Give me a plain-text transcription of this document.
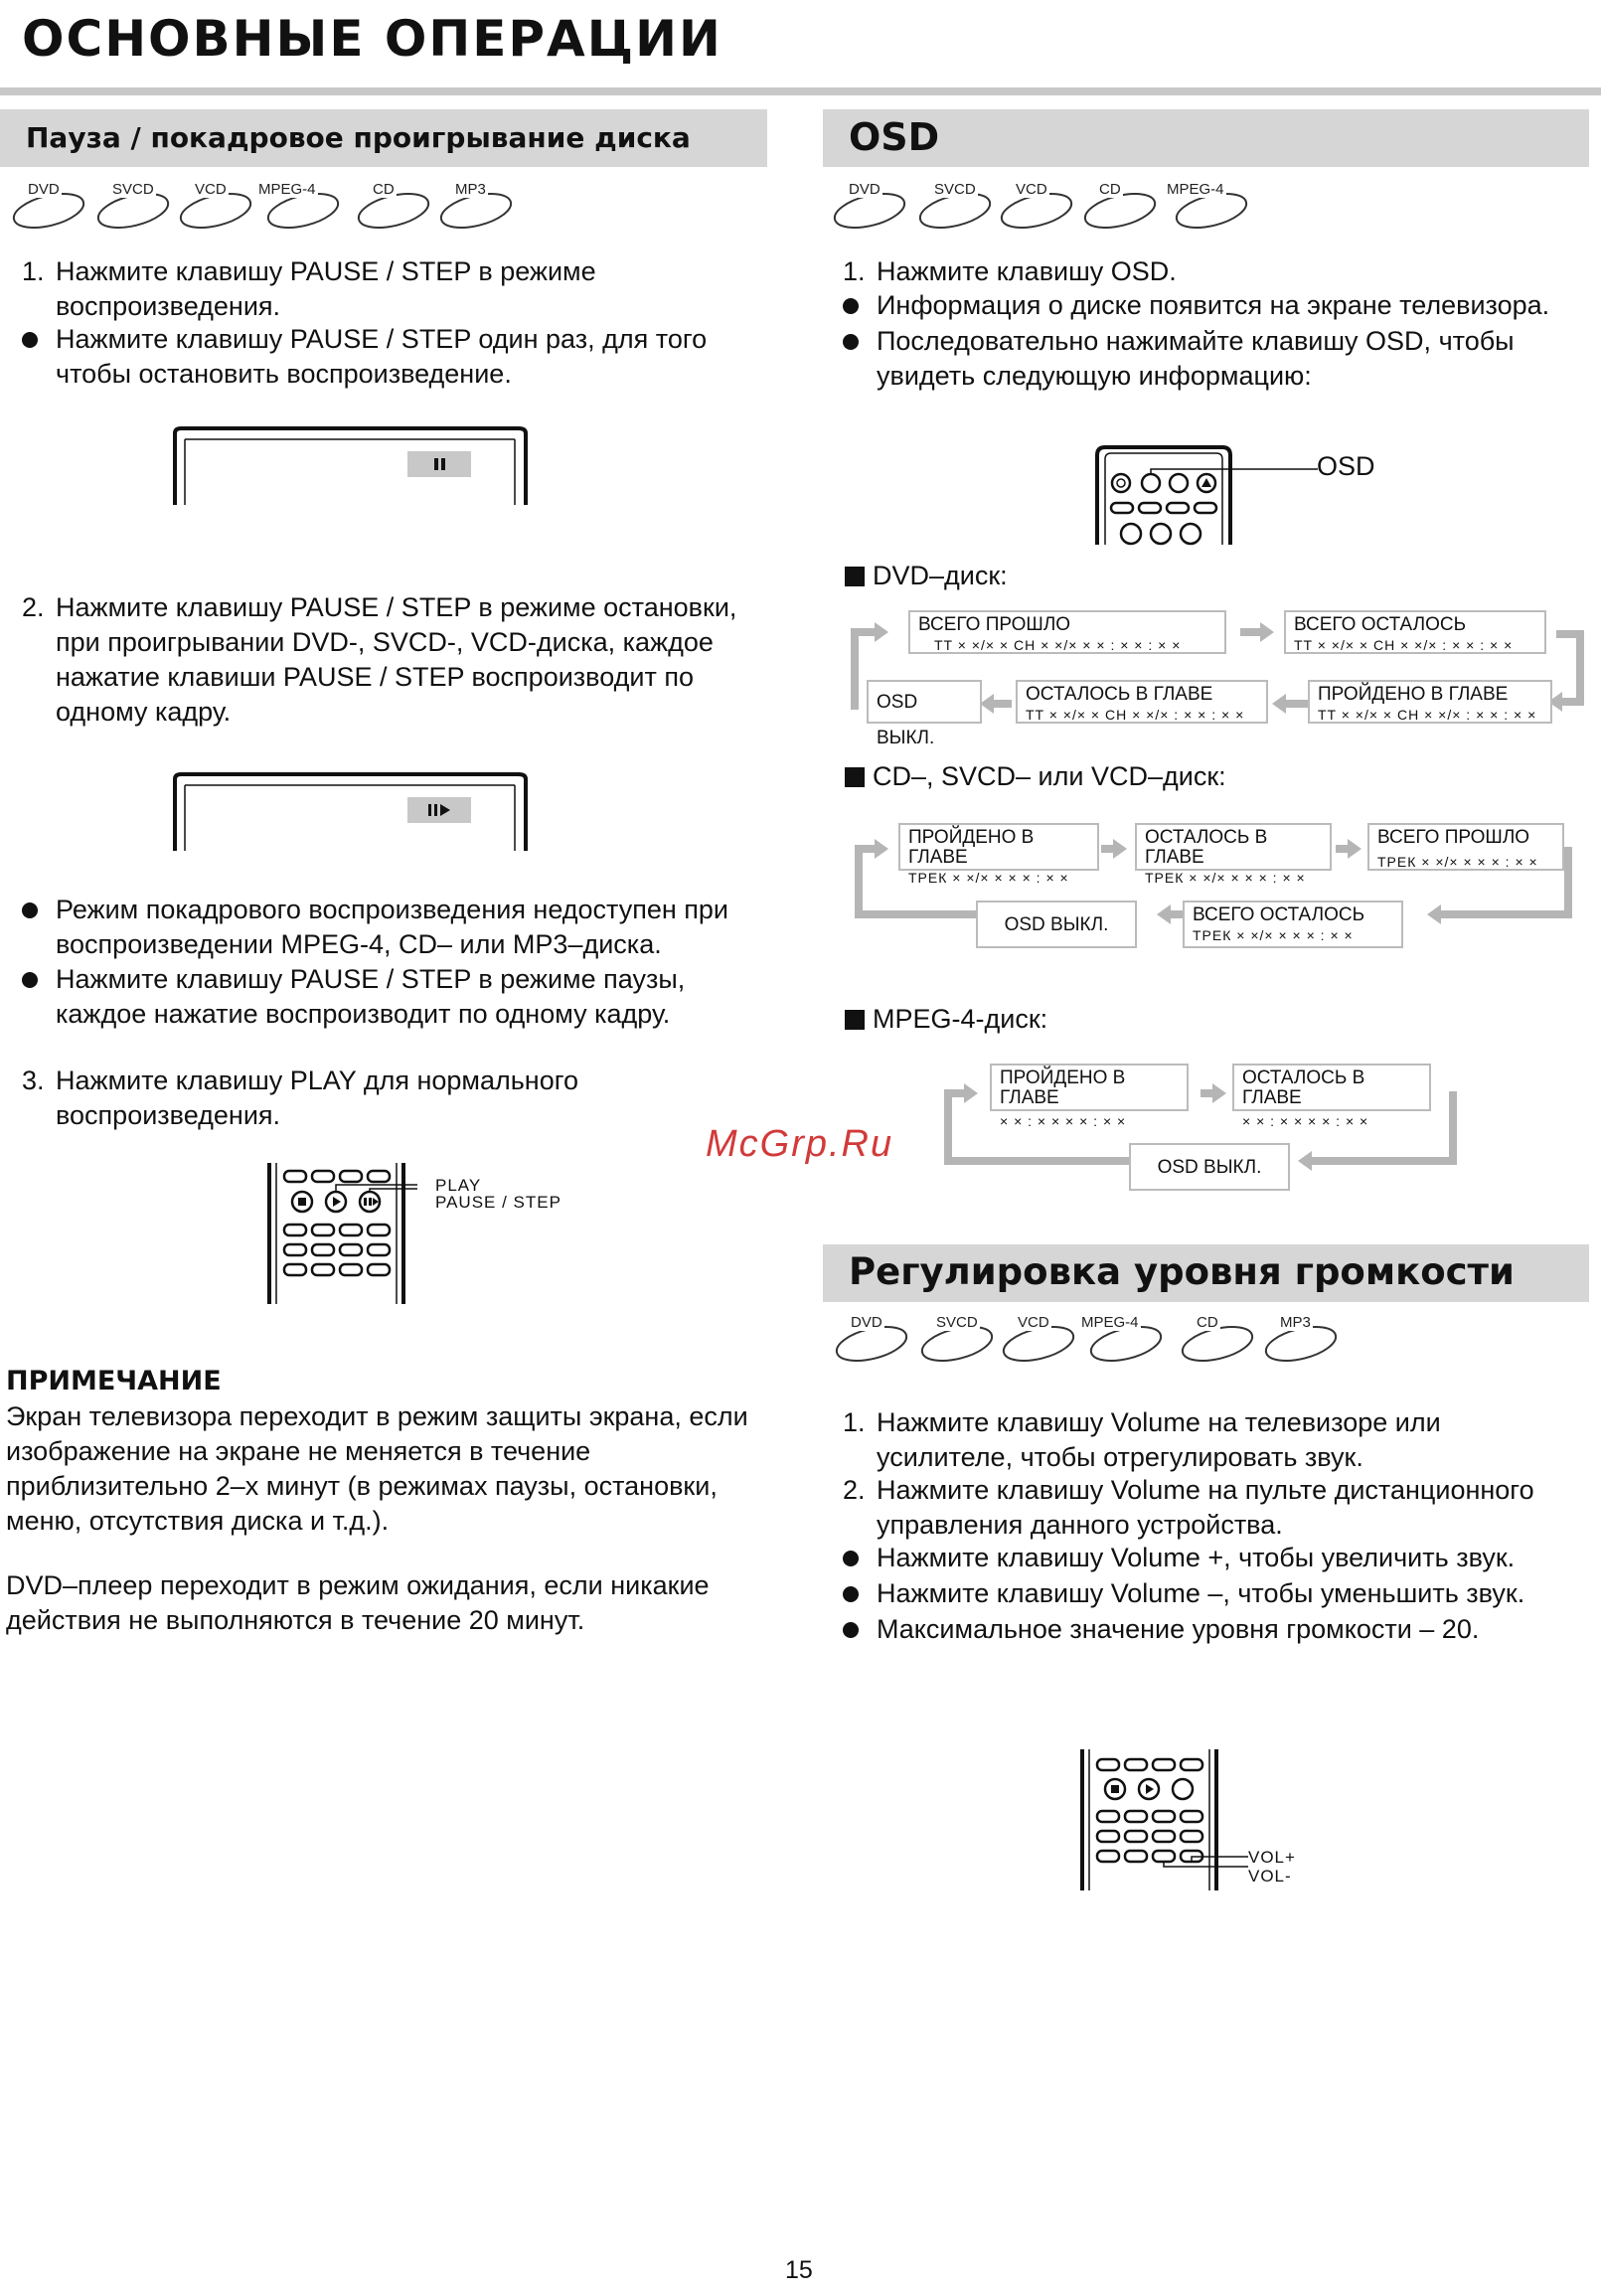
ОСНОВНЫЕ ОПЕРАЦИИ
Пауза / покадровое проигрывание диска
DVD	SVCD	VCD MPEG-4	CD	MP3
1. Нажмите клавишу PAUSE / STEP в режиме воспроизведения.
Нажмите клавишу PAUSE / STEP один раз, для того чтобы остановить воспроизведение.
2. Нажмите клавишу PAUSE / STEP в режиме остановки, при проигрывании DVD-, SVCD-, VCD-диска, каждое нажатие клавиши PAUSE / STEP воспроизводит по одному кадру.
Режим покадрового воспроизведения недоступен при воспроизведении MPEG-4, CD– или MP3–диска.
Нажмите клавишу PAUSE / STEP в режиме паузы, каждое нажатие воспроизводит по одному кадру.
3. Нажмите клавишу PLAY для нормального воспроизведения.
PLAY
PAUSE / STEP
ПРИМЕЧАНИЕ
Экран телевизора переходит в режим защиты экрана, если изображение на экране не меняется в течение приблизительно 2–х минут (в режимах паузы, остановки, меню, отсутствия диска и т.д.).
DVD–плеер переходит в режим ожидания, если никакие действия не выполняются в течение 20 минут.
McGrp.Ru
OSD
DVD	SVCD	VCD	CD	MPEG-4
1. Нажмите клавишу OSD.
Информация о диске появится на экране телевизора.
Последовательно нажимайте клавишу OSD, чтобы увидеть следующую информацию:
OSD
DVD–диск:
ВСЕГО ПРОШЛО
TT × ×/× × CH × ×/× × × : × × : × ×
ВСЕГО ОСТАЛОСЬ
TT × ×/× × CH × ×/× : × × : × ×
OSD ВЫКЛ.
ОСТАЛОСЬ В ГЛАВЕ
TT × ×/× × CH × ×/× : × × : × ×
ПРОЙДЕНО В ГЛАВЕ
TT × ×/× × CH × ×/× : × × : × ×
CD–, SVCD– или VCD–диск:
ПРОЙДЕНО В ГЛАВЕ
ТРЕК × ×/× × × × : × ×
ОСТАЛОСЬ В ГЛАВЕ
ТРЕК × ×/× × × × : × ×
ВСЕГО ПРОШЛО
ТРЕК × ×/× × × × : × ×
OSD ВЫКЛ.	ВСЕГО ОСТАЛОСЬ
ТРЕК × ×/× × × × : × ×
MPEG-4-диск:
ПРОЙДЕНО В ГЛАВЕ
× × : × × × × : × ×
ОСТАЛОСЬ В ГЛАВЕ
× × : × × × × : × ×
OSD ВЫКЛ.
Регулировка уровня громкости
DVD	SVCD	VCD MPEG-4	CD	MP3
1. Нажмите клавишу Volume на телевизоре или усилителе, чтобы отрегулировать звук.
2. Нажмите клавишу Volume на пульте дистанционного управления данного устройства.
Нажмите клавишу Volume +, чтобы увеличить звук.
Нажмите клавишу Volume –, чтобы уменьшить звук.
Максимальное значение уровня громкости – 20.
VOL+
VOL-
15
